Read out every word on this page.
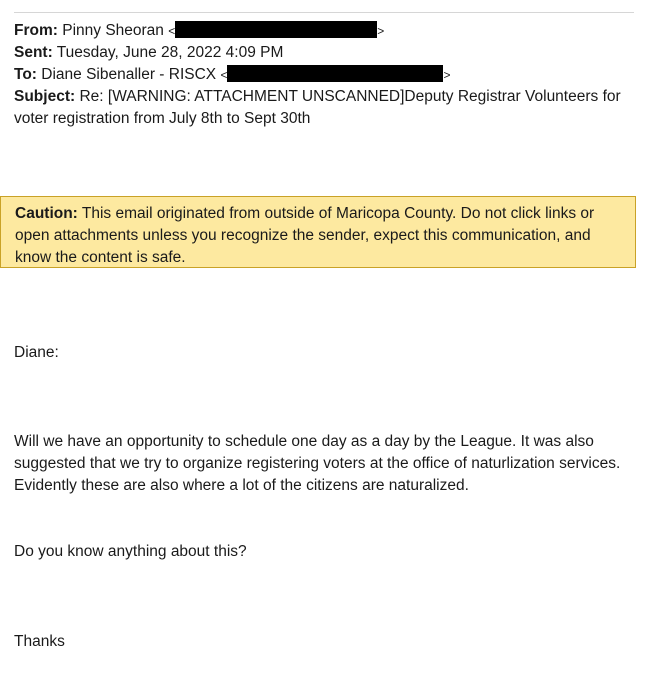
From: Pinny Sheoran <	>
Sent: Tuesday, June 28, 2022 4:09 PM
To: Diane Sibenaller - RISCX <	>
Subject: Re: [WARNING: ATTACHMENT UNSCANNED]Deputy Registrar Volunteers for voter registration from July 8th to Sept 30th
Caution: This email originated from outside of Maricopa County. Do not click links or open attachments unless you recognize the sender, expect this communication, and know the content is safe.
Diane:
Will we have an opportunity to schedule one day as a day by the League. It was also suggested that we try to organize registering voters at the office of naturlization services. Evidently these are also where a lot of the citizens are naturalized.
Do you know anything about this?
Thanks
